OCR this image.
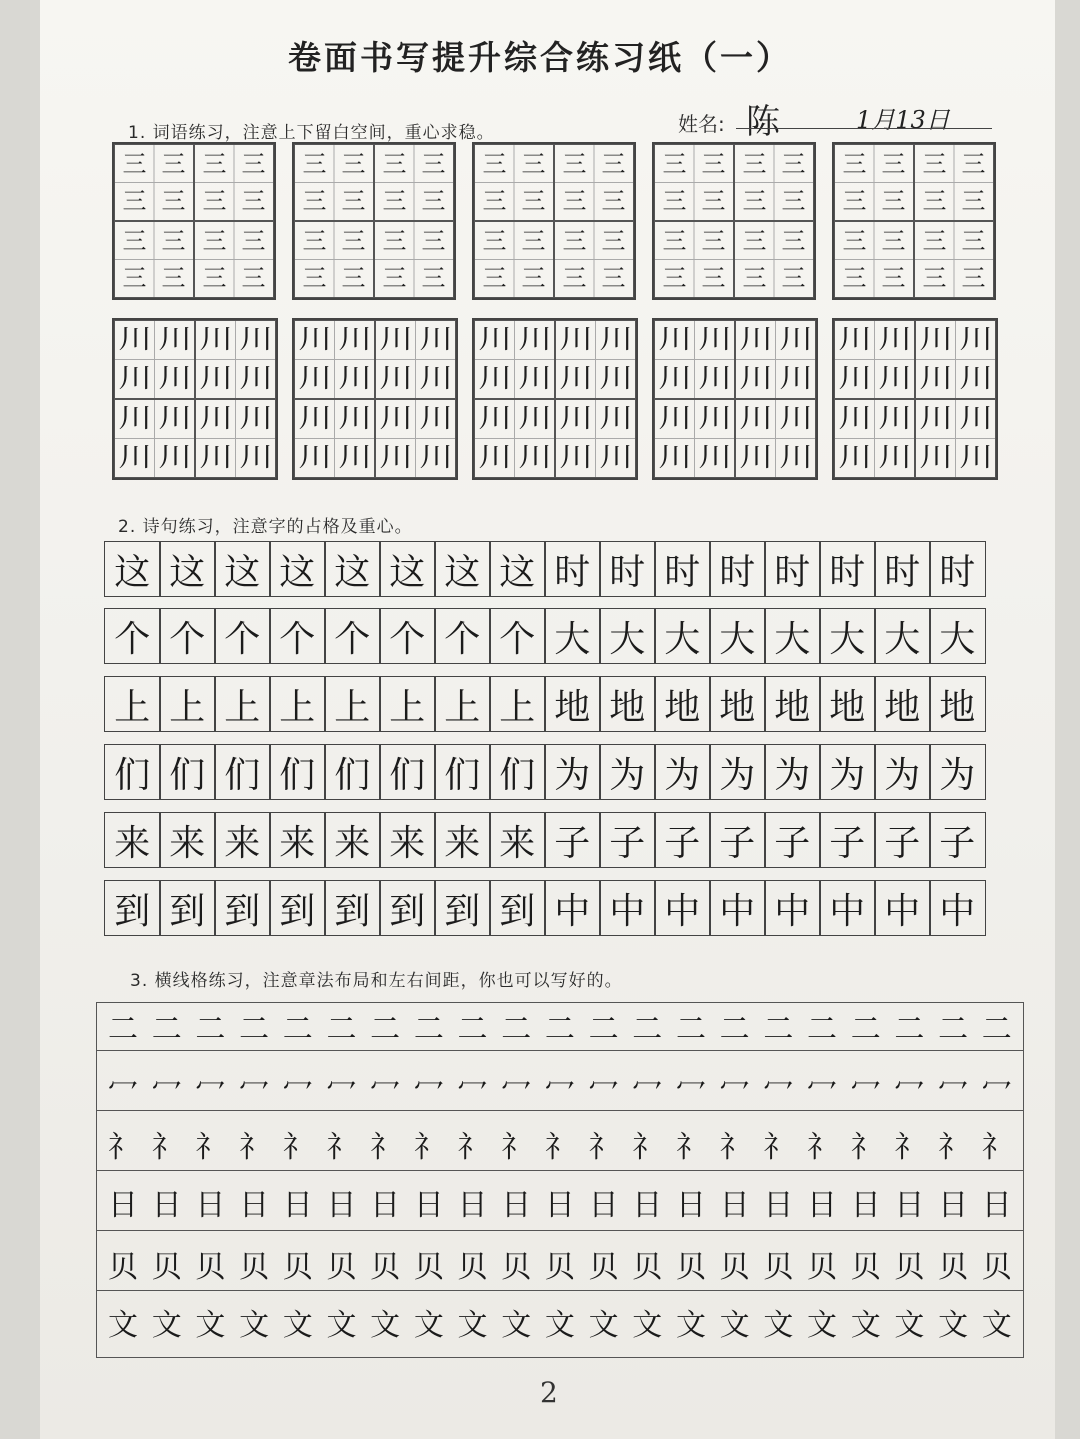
卷面书写提升综合练习纸（一）
1. 词语练习，注意上下留白空间，重心求稳。	姓名: 陈	1月13日
三 三
三 三
三 三
三 三
三 三
三 三
三 三
三 三
三 三
三 三
三 三
三 三
三 三
三 三
三 三
三 三
三 三
三 三
三 三
三 三
三 三
三 三
三 三
三 三
三 三
三 三
三 三
三 三
三 三
三 三
三 三
三 三
三 三
三 三
三 三
三 三
三 三
三 三
三 三
三 三
川 川
川 川
川 川
川 川
川 川
川 川
川 川
川 川
川 川
川 川
川 川
川 川
川 川
川 川
川 川
川 川
川 川
川 川
川 川
川 川
川 川
川 川
川 川
川 川
川 川
川 川
川 川
川 川
川 川
川 川
川 川
川 川
川 川
川 川
川 川
川 川
川 川
川 川
川 川
川 川
2. 诗句练习，注意字的占格及重心。
这 这 这 这 这 这 这 这 时 时 时 时 时 时 时 时
个 个 个 个 个 个 个 个 大 大 大 大 大 大 大 大
上 上 上 上 上 上 上 上 地 地 地 地 地 地 地 地
们 们 们 们 们 们 们 们 为 为 为 为 为 为 为 为
来 来 来 来 来 来 来 来 子 子 子 子 子 子 子 子
到 到 到 到 到 到 到 到 中 中 中 中 中 中 中 中
3. 横线格练习，注意章法布局和左右间距，你也可以写好的。
⼆ ⼆ ⼆ ⼆ ⼆ ⼆ ⼆ ⼆ ⼆ ⼆ ⼆ ⼆ ⼆ ⼆ ⼆ ⼆ ⼆ ⼆ ⼆ ⼆ ⼆
冖 冖 冖 冖 冖 冖 冖 冖 冖 冖 冖 冖 冖 冖 冖 冖 冖 冖 冖 冖 冖
礻 礻 礻 礻 礻 礻 礻 礻 礻 礻 礻 礻 礻 礻 礻 礻 礻 礻 礻 礻 礻
日 日 日 日 日 日 日 日 日 日 日 日 日 日 日 日 日 日 日 日 日
贝 贝 贝 贝 贝 贝 贝 贝 贝 贝 贝 贝 贝 贝 贝 贝 贝 贝 贝 贝 贝
文 文 文 文 文 文 文 文 文 文 文 文 文 文 文 文 文 文 文 文 文
2
